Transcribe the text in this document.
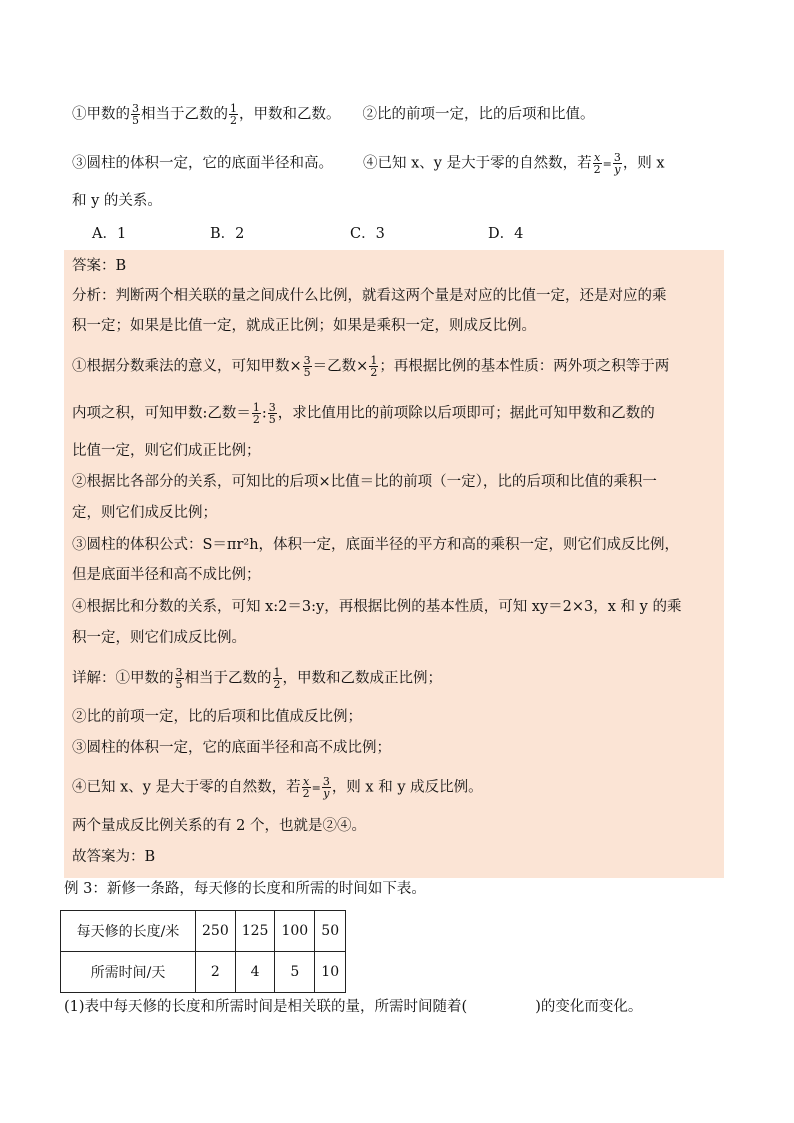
①甲数的 $\frac{3}{5}$ 相当于乙数的 $\frac{1}{2}$ ，甲数和乙数。 ②比的前项一定，比的后项和比值。
③圆柱的体积一定，它的底面半径和高。 ④已知 x、y 是大于零的自然数，若 $\frac{x}{2} = \frac{3}{y}$ ，则 x
和 y 的关系。
A．1	B．2	C．3	D．4
答案：B
分析：判断两个相关联的量之间成什么比例，就看这两个量是对应的比值一定，还是对应的乘
积一定；如果是比值一定，就成正比例；如果是乘积一定，则成反比例。
①根据分数乘法的意义，可知甲数× $\frac{3}{5}$ ＝乙数× $\frac{1}{2}$ ；再根据比例的基本性质：两外项之积等于两
内项之积，可知甲数:乙数＝ $\frac{1}{2}$ : $\frac{3}{5}$ ，求比值用比的前项除以后项即可；据此可知甲数和乙数的
比值一定，则它们成正比例；
②根据比各部分的关系，可知比的后项×比值＝比的前项（一定），比的后项和比值的乘积一
定，则它们成反比例；
③圆柱的体积公式：S＝πr²h，体积一定，底面半径的平方和高的乘积一定，则它们成反比例，
但是底面半径和高不成比例；
④根据比和分数的关系，可知 x:2＝3:y，再根据比例的基本性质，可知 xy＝2×3，x 和 y 的乘
积一定，则它们成反比例。
详解：①甲数的 $\frac{3}{5}$ 相当于乙数的 $\frac{1}{2}$ ，甲数和乙数成正比例；
②比的前项一定，比的后项和比值成反比例；
③圆柱的体积一定，它的底面半径和高不成比例；
④已知 x、y 是大于零的自然数，若 $\frac{x}{2} = \frac{3}{y}$ ，则 x 和 y 成反比例。
两个量成反比例关系的有 2 个，也就是②④。
故答案为：B
例 3：新修一条路，每天修的长度和所需的时间如下表。
每天修的长度/米	250	125	100	50
所需时间/天	2	4	5	10
(1)表中每天修的长度和所需时间是相关联的量，所需时间随着(	)的变化而变化。
